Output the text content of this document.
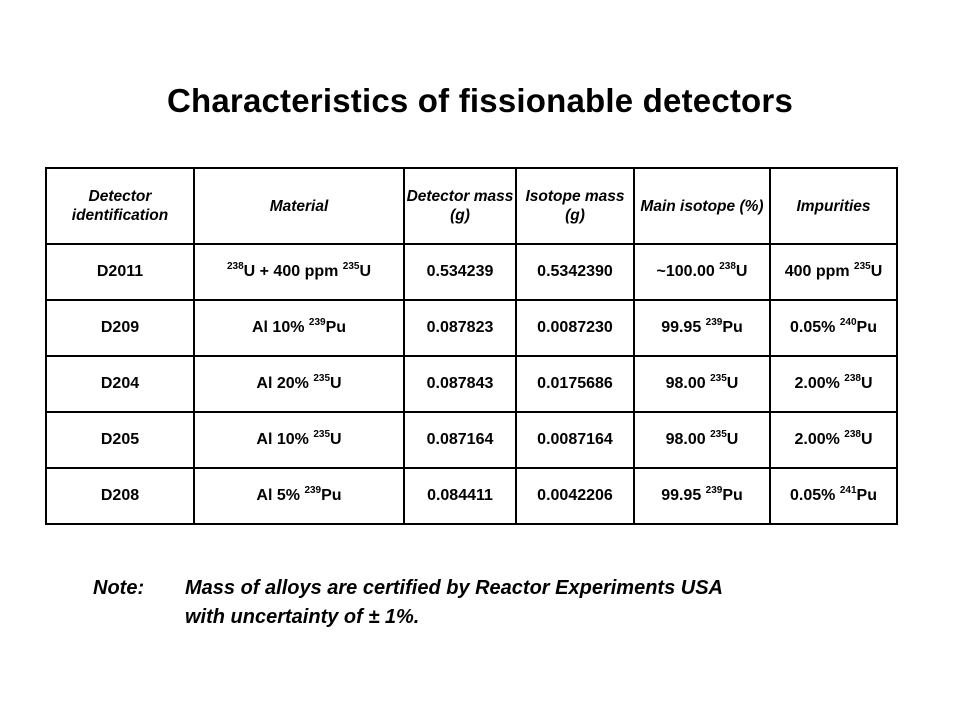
Characteristics of fissionable detectors
Detector identification	Material	Detector mass (g)	Isotope mass (g)	Main isotope (%)	Impurities
D2011	$^{238}$U + 400 ppm $^{235}$U	0.534239	0.5342390	~100.00 $^{238}$U	400 ppm $^{235}$U
D209	Al 10% $^{239}$Pu	0.087823	0.0087230	99.95 $^{239}$Pu	0.05% $^{240}$Pu
D204	Al 20% $^{235}$U	0.087843	0.0175686	98.00 $^{235}$U	2.00% $^{238}$U
D205	Al 10% $^{235}$U	0.087164	0.0087164	98.00 $^{235}$U	2.00% $^{238}$U
D208	Al 5% $^{239}$Pu	0.084411	0.0042206	99.95 $^{239}$Pu	0.05% $^{241}$Pu
Note:	Mass of alloys are certified by Reactor Experiments USA
with uncertainty of ± 1%.
